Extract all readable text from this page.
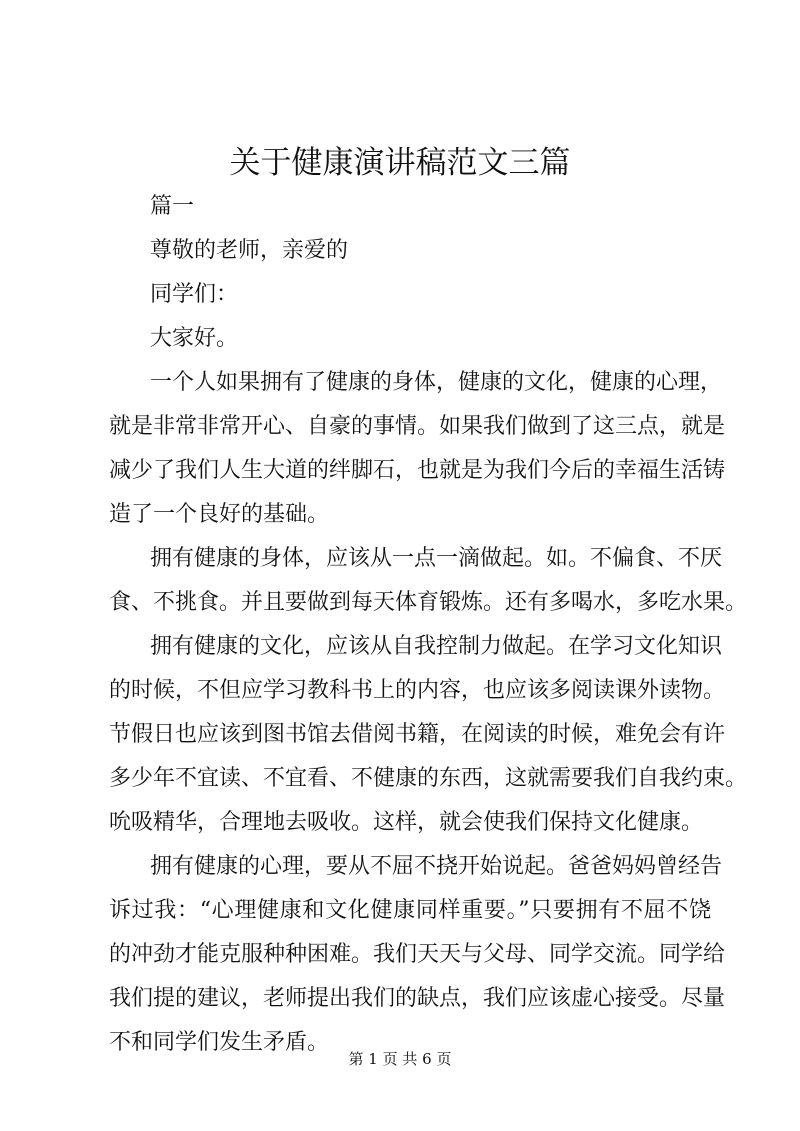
关于健康演讲稿范文三篇
篇一
尊敬的老师，亲爱的
同学们：
大家好。
一个人如果拥有了健康的身体，健康的文化，健康的心理，
就是非常非常开心、自豪的事情。如果我们做到了这三点，就是
减少了我们人生大道的绊脚石，也就是为我们今后的幸福生活铸
造了一个良好的基础。
拥有健康的身体，应该从一点一滴做起。如。不偏食、不厌
食、不挑食。并且要做到每天体育锻炼。还有多喝水，多吃水果。
拥有健康的文化，应该从自我控制力做起。在学习文化知识
的时候，不但应学习教科书上的内容，也应该多阅读课外读物。
节假日也应该到图书馆去借阅书籍，在阅读的时候，难免会有许
多少年不宜读、不宜看、不健康的东西，这就需要我们自我约束。
吮吸精华，合理地去吸收。这样，就会使我们保持文化健康。
拥有健康的心理，要从不屈不挠开始说起。爸爸妈妈曾经告
诉过我：“心理健康和文化健康同样重要。”只要拥有不屈不饶
的冲劲才能克服种种困难。我们天天与父母、同学交流。同学给
我们提的建议，老师提出我们的缺点，我们应该虚心接受。尽量
不和同学们发生矛盾。
第 1 页 共 6 页
